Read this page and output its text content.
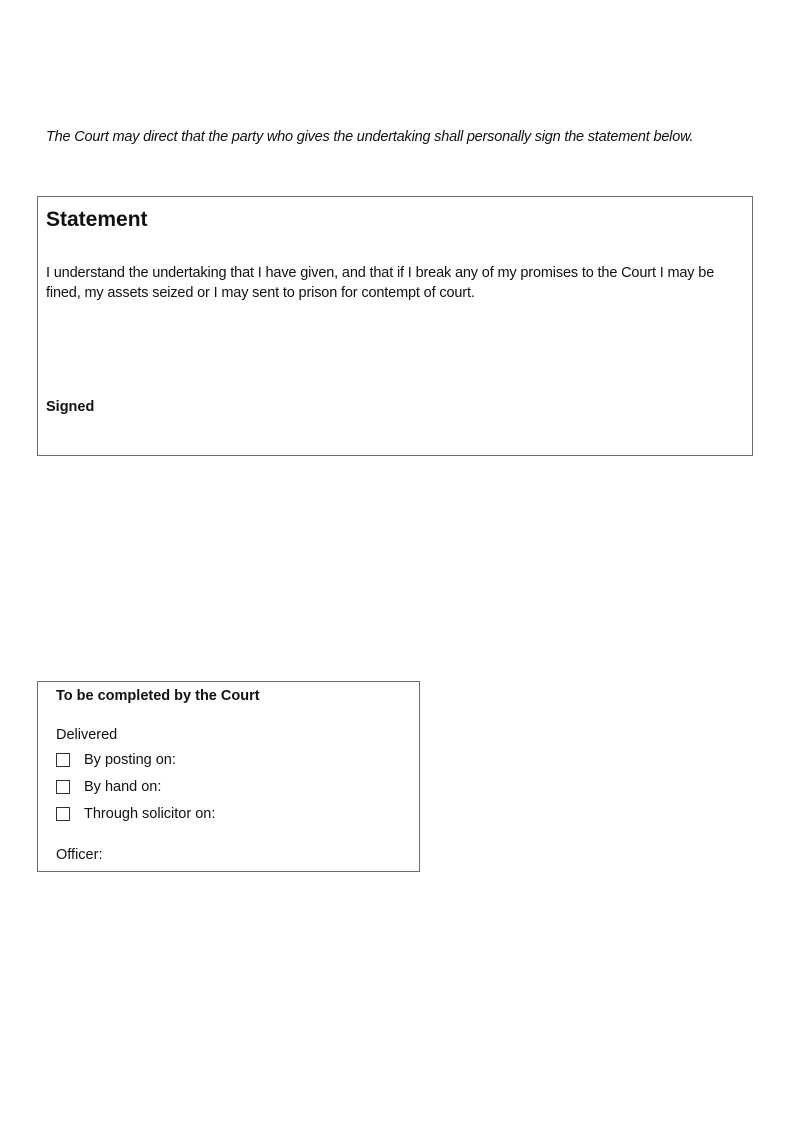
The Court may direct that the party who gives the undertaking shall personally sign the statement below.
Statement

I understand the undertaking that I have given, and that if I break any of my promises to the Court I may be fined, my assets seized or I may sent to prison for contempt of court.

Signed
To be completed by the Court
Delivered
By posting on:
By hand on:
Through solicitor on:
Officer:
